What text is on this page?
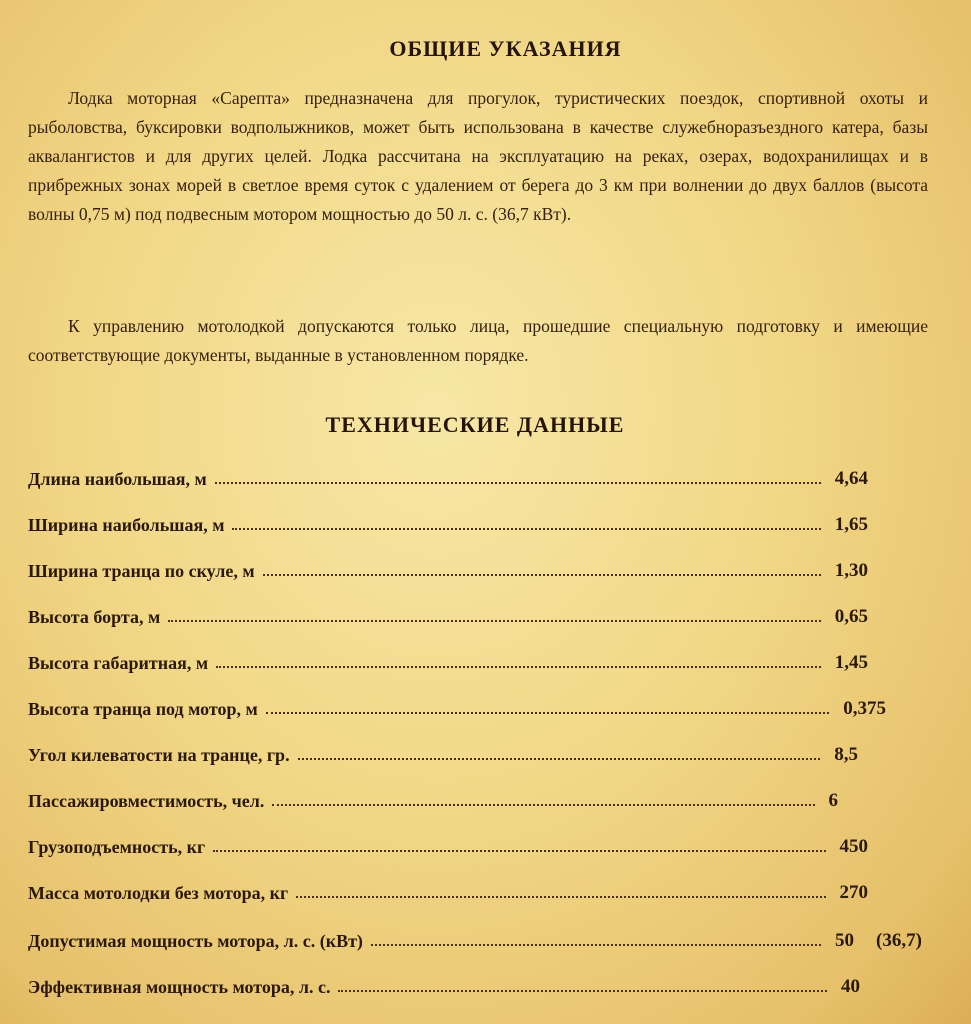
ОБЩИЕ УКАЗАНИЯ
Лодка моторная «Сарепта» предназначена для прогулок, туристических поездок, спортивной охоты и рыболовства, буксировки водполыжников, может быть использована в качестве служебноразъездного катера, базы аквалангистов и для других целей. Лодка рассчитана на эксплуатацию на реках, озерах, водохранилищах и в прибрежных зонах морей в светлое время суток с удалением от берега до 3 км при волнении до двух баллов (высота волны 0,75 м) под подвесным мотором мощностью до 50 л. с. (36,7 кВт).
К управлению мотолодкой допускаются только лица, прошедшие специальную подготовку и имеющие соответствующие документы, выданные в установленном порядке.
ТЕХНИЧЕСКИЕ ДАННЫЕ
Длина наибольшая, м	4,64
Ширина наибольшая, м	1,65
Ширина транца по скуле, м	1,30
Высота борта, м	0,65
Высота габаритная, м	1,45
Высота транца под мотор, м	0,375
Угол килеватости на транце, гр.	8,5
Пассажировместимость, чел.	6
Грузоподъемность, кг	450
Масса мотолодки без мотора, кг	270
Допустимая мощность мотора, л. с. (кВт)	50 (36,7)
Эффективная мощность мотора, л. с.	40
